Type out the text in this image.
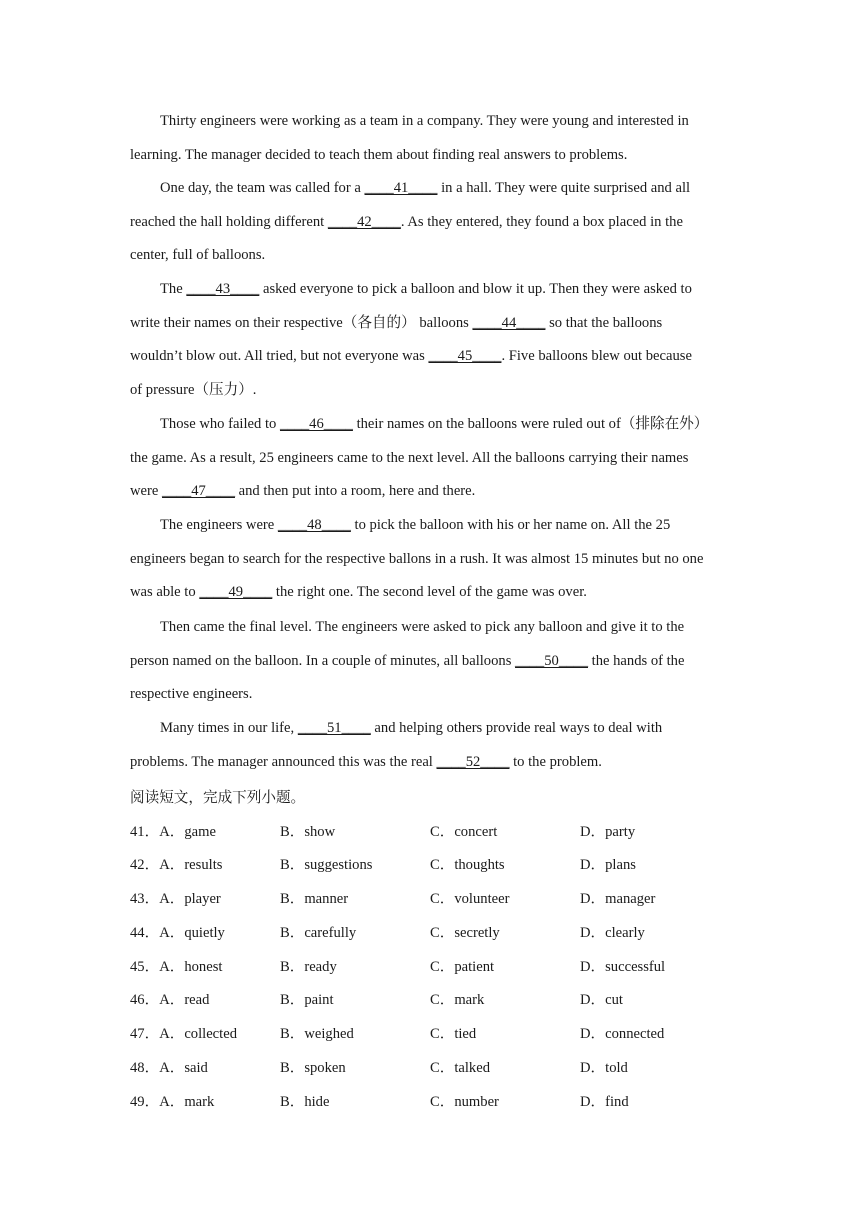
Thirty engineers were working as a team in a company. They were young and interested in
learning. The manager decided to teach them about finding real answers to problems.
One day, the team was called for a ____41____ in a hall. They were quite surprised and all
reached the hall holding different ____42____. As they entered, they found a box placed in the
center, full of balloons.
The ____43____ asked everyone to pick a balloon and blow it up. Then they were asked to
write their names on their respective（各自的） balloons ____44____ so that the balloons
wouldn’t blow out. All tried, but not everyone was ____45____. Five balloons blew out because
of pressure（压力）.
Those who failed to ____46____ their names on the balloons were ruled out of（排除在外）
the game. As a result, 25 engineers came to the next level. All the balloons carrying their names
were ____47____ and then put into a room, here and there.
The engineers were ____48____ to pick the balloon with his or her name on. All the 25
engineers began to search for the respective ballons in a rush. It was almost 15 minutes but no one
was able to ____49____ the right one. The second level of the game was over.
Then came the final level. The engineers were asked to pick any balloon and give it to the
person named on the balloon. In a couple of minutes, all balloons ____50____ the hands of the
respective engineers.
Many times in our life, ____51____ and helping others provide real ways to deal with
problems. The manager announced this was the real ____52____ to the problem.
阅读短文，完成下列小题。
41．A．game	B．show	C．concert	D．party
42．A．results	B．suggestions	C．thoughts	D．plans
43．A．player	B．manner	C．volunteer	D．manager
44．A．quietly	B．carefully	C．secretly	D．clearly
45．A．honest	B．ready	C．patient	D．successful
46．A．read	B．paint	C．mark	D．cut
47．A．collected	B．weighed	C．tied	D．connected
48．A．said	B．spoken	C．talked	D．told
49．A．mark	B．hide	C．number	D．find
